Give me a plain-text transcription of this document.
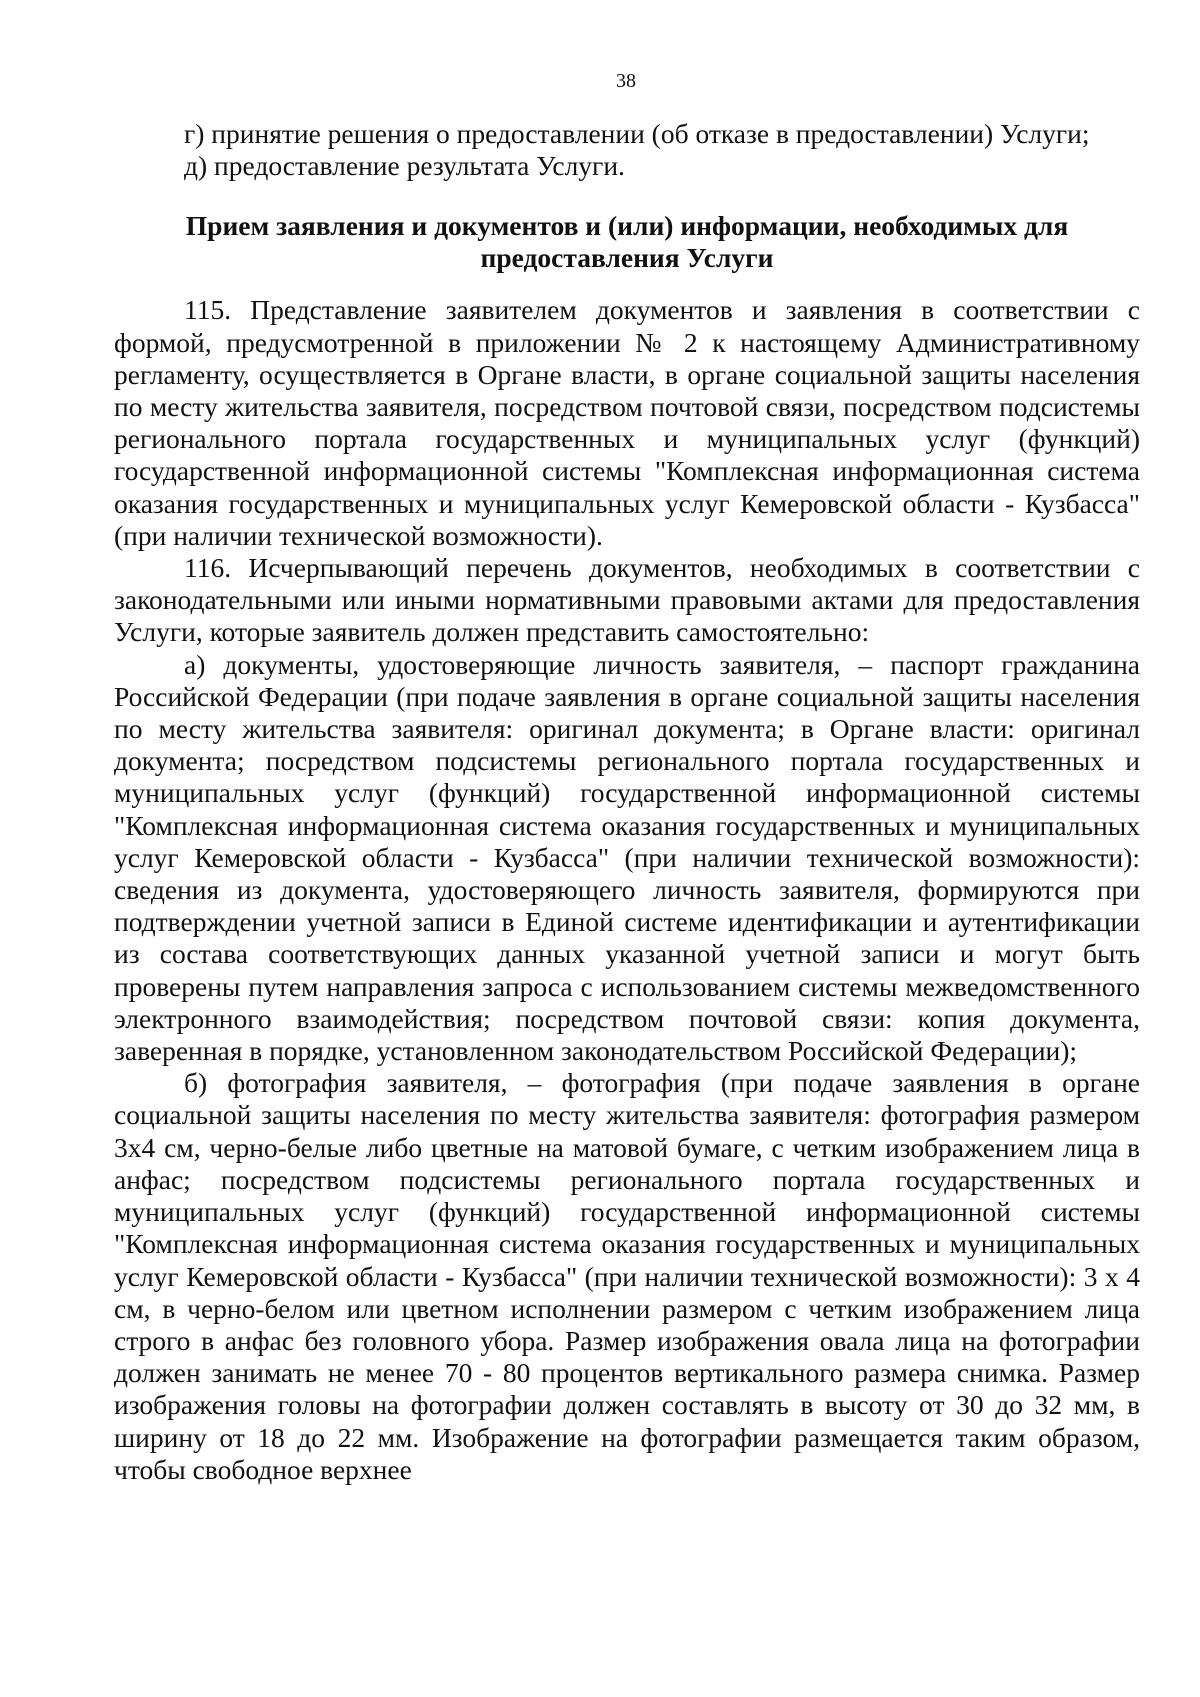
38
г) принятие решения о предоставлении (об отказе в предоставлении) Услуги;
д) предоставление результата Услуги.
Прием заявления и документов и (или) информации, необходимых для
предоставления Услуги

115. Представление заявителем документов и заявления в соответствии с формой, предусмотренной в приложении № 2 к настоящему Административному регламенту, осуществляется в Органе власти, в органе социальной защиты населения по месту жительства заявителя, посредством почтовой связи, посредством подсистемы регионального портала государственных и муниципальных услуг (функций) государственной информационной системы "Комплексная информационная система оказания государственных и муниципальных услуг Кемеровской области - Кузбасса" (при наличии технической возможности).

116. Исчерпывающий перечень документов, необходимых в соответствии с законодательными или иными нормативными правовыми актами для предоставления Услуги, которые заявитель должен представить самостоятельно:

а) документы, удостоверяющие личность заявителя, – паспорт гражданина Российской Федерации (при подаче заявления в органе социальной защиты населения по месту жительства заявителя: оригинал документа; в Органе власти: оригинал документа; посредством подсистемы регионального портала государственных и муниципальных услуг (функций) государственной информационной системы "Комплексная информационная система оказания государственных и муниципальных услуг Кемеровской области - Кузбасса" (при наличии технической возможности): сведения из документа, удостоверяющего личность заявителя, формируются при подтверждении учетной записи в Единой системе идентификации и аутентификации из состава соответствующих данных указанной учетной записи и могут быть проверены путем направления запроса с использованием системы межведомственного электронного взаимодействия; посредством почтовой связи: копия документа, заверенная в порядке, установленном законодательством Российской Федерации);

б) фотография заявителя, – фотография (при подаче заявления в органе социальной защиты населения по месту жительства заявителя: фотография размером 3х4 см, черно-белые либо цветные на матовой бумаге, с четким изображением лица в анфас; посредством подсистемы регионального портала государственных и муниципальных услуг (функций) государственной информационной системы "Комплексная информационная система оказания государственных и муниципальных услуг Кемеровской области - Кузбасса" (при наличии технической возможности): 3 х 4 см, в черно-белом или цветном исполнении размером с четким изображением лица строго в анфас без головного убора. Размер изображения овала лица на фотографии должен занимать не менее 70 - 80 процентов вертикального размера снимка. Размер изображения головы на фотографии должен составлять в высоту от 30 до 32 мм, в ширину от 18 до 22 мм. Изображение на фотографии размещается таким образом, чтобы свободное верхнее
